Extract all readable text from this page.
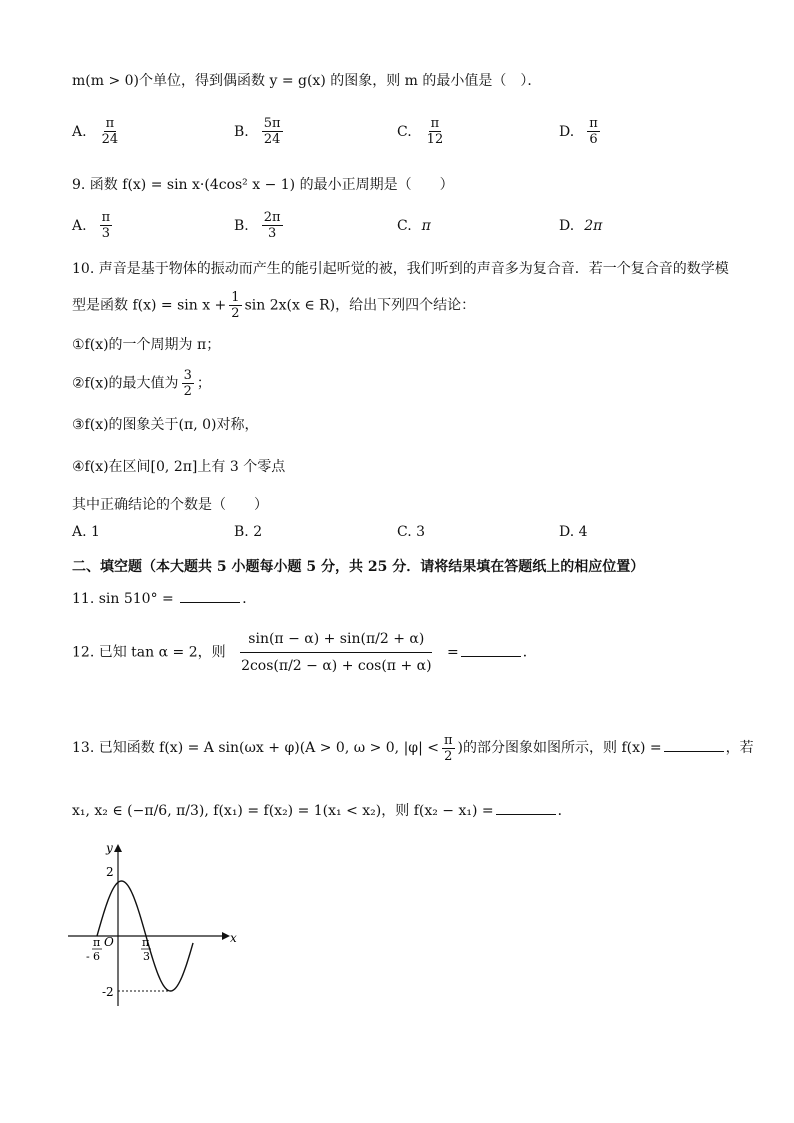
m(m > 0)个单位，得到偶函数 y = g(x) 的图象，则 m 的最小值是（　）．
A. $\frac{\pi}{24}$	B. $\frac{5\pi}{24}$	C. $\frac{\pi}{12}$	D. $\frac{\pi}{6}$
9. 函数 f(x) = sin x·(4cos² x − 1) 的最小正周期是（　　）
A. $\frac{\pi}{3}$	B. $\frac{2\pi}{3}$	C. π	D. 2π
10. 声音是基于物体的振动而产生的能引起听觉的被，我们听到的声音多为复合音．若一个复合音的数学模
型是函数 $f(x) = \sin x + \frac{1}{2}$ sin 2x(x ∈ R)，给出下列四个结论：
①f(x)的一个周期为 π；
②f(x)的最大值为 $\frac{3}{2}$ ；
③f(x)的图象关于(π, 0)对称，
④f(x)在区间[0, 2π]上有 3 个零点
其中正确结论的个数是（　　）
A. 1	B. 2	C. 3	D. 4
二、填空题（本大题共 5 小题每小题 5 分，共 25 分．请将结果填在答题纸上的相应位置）
11. sin 510° =	．
12. 已知 tan α = 2，则 $\frac{\sin(\pi - \alpha) + \sin(\pi/2 + \alpha)}{2\cos(\pi/2 - \alpha) + \cos(\pi + \alpha)}$ =	．
13. 已知函数 f(x) = A sin(ωx + φ)(A > 0, ω > 0, $|\varphi| < \frac{\pi}{2}$ )的部分图象如图所示，则 f(x) =	，若
x₁, x₂ ∈ (−π/6, π/3), f(x₁) = f(x₂) = 1(x₁ < x₂)，则 f(x₂ − x₁) =	．
y
x
O
2
-2
π
- 6
π
3
